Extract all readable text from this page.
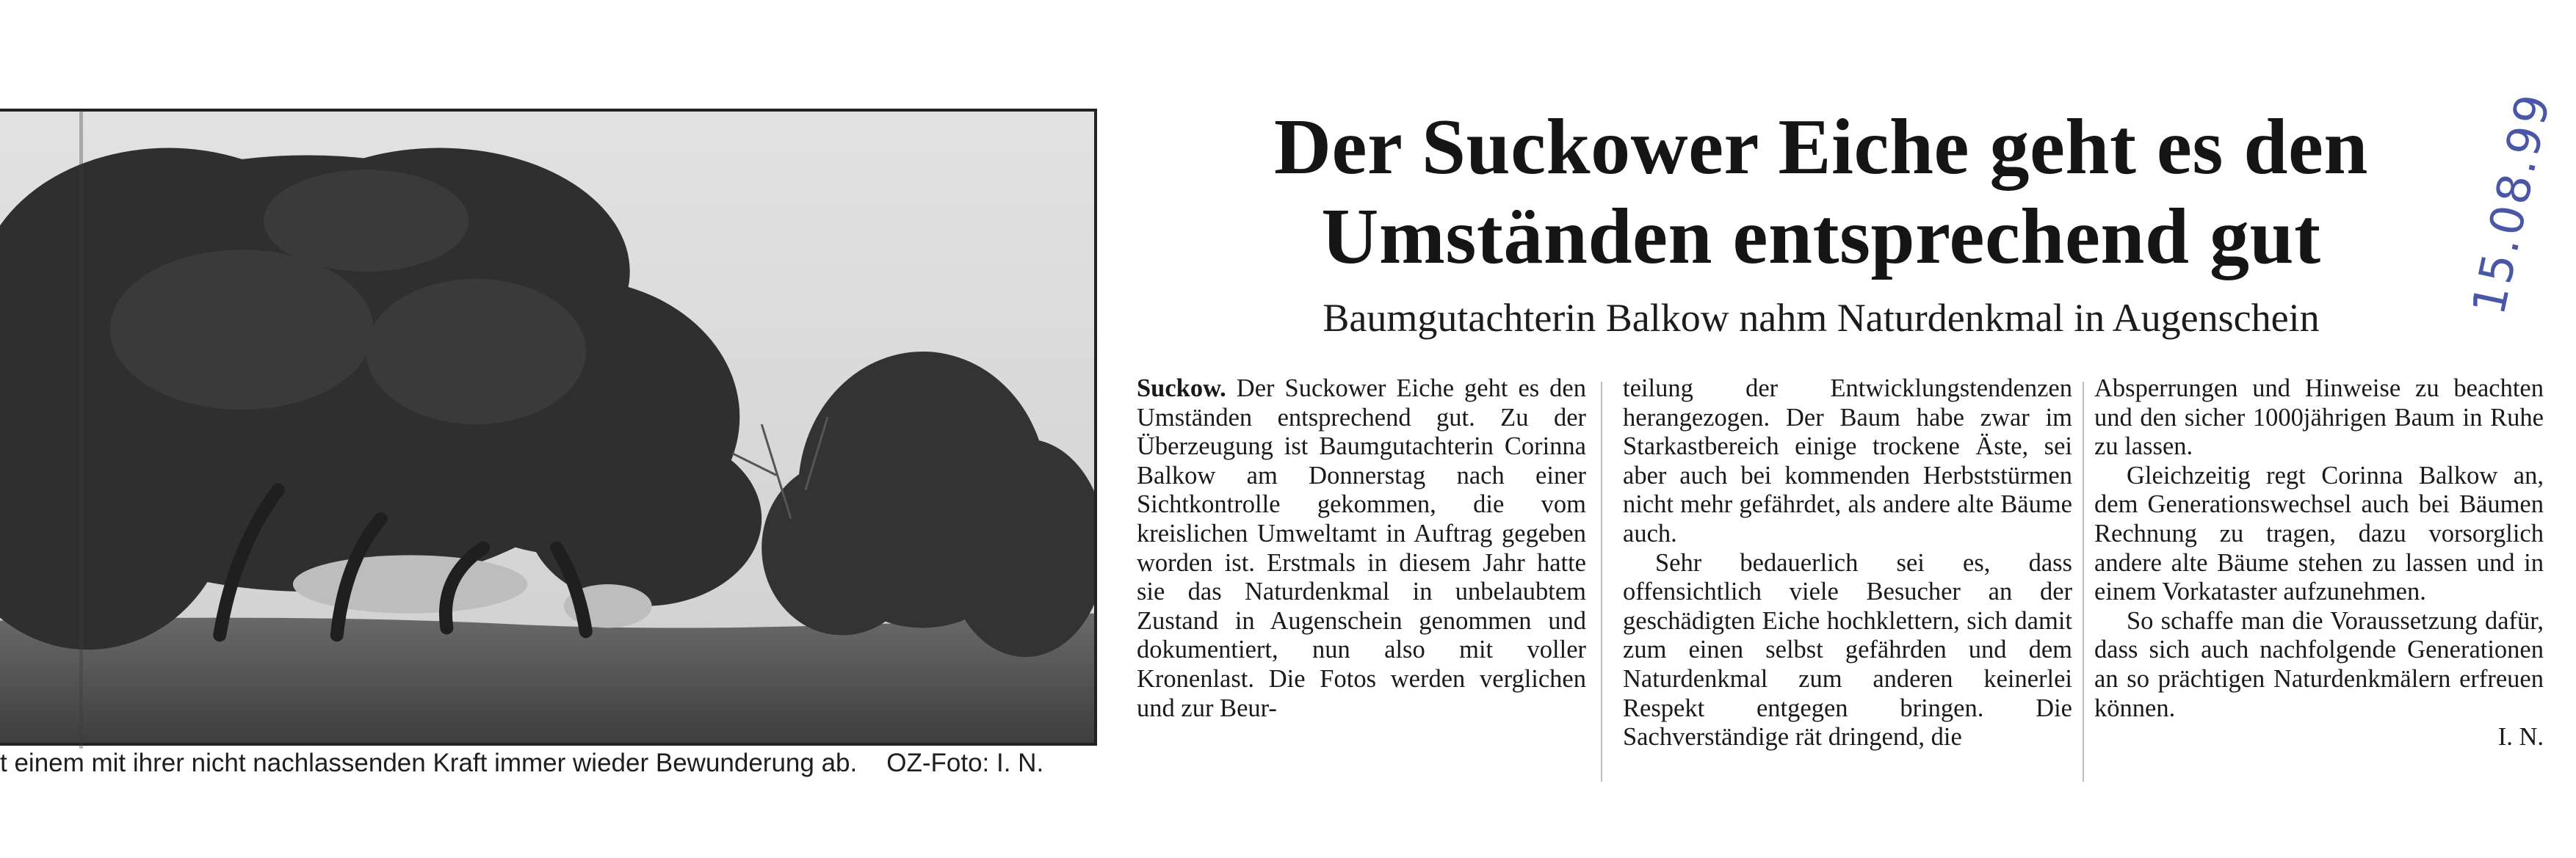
t einem mit ihrer nicht nachlassenden Kraft immer wieder Bewunderung ab. OZ-Foto: I. N.
Der Suckower Eiche geht es den
Umständen entsprechend gut
Baumgutachterin Balkow nahm Naturdenkmal in Augenschein	15.08.99

Suckow. Der Suckower Eiche geht es den Umständen entsprechend gut. Zu der Überzeugung ist Baumgutachterin Corinna Balkow am Donnerstag nach einer Sichtkontrolle gekommen, die vom kreislichen Umweltamt in Auftrag gegeben worden ist. Erstmals in diesem Jahr hatte sie das Naturdenkmal in unbelaubtem Zustand in Augenschein genommen und dokumentiert, nun also mit voller Kronenlast. Die Fotos werden verglichen und zur Beur-

teilung der Entwicklungstendenzen herangezogen. Der Baum habe zwar im Starkastbereich einige trockene Äste, sei aber auch bei kommenden Herbststürmen nicht mehr gefährdet, als andere alte Bäume auch.

Sehr bedauerlich sei es, dass offensichtlich viele Besucher an der geschädigten Eiche hochklettern, sich damit zum einen selbst gefährden und dem Naturdenkmal zum anderen keinerlei Respekt entgegen bringen. Die Sachverständige rät dringend, die

Absperrungen und Hinweise zu beachten und den sicher 1000jährigen Baum in Ruhe zu lassen.

Gleichzeitig regt Corinna Balkow an, dem Generationswechsel auch bei Bäumen Rechnung zu tragen, dazu vorsorglich andere alte Bäume stehen zu lassen und in einem Vorkataster aufzunehmen.

So schaffe man die Voraussetzung dafür, dass sich auch nachfolgende Generationen an so prächtigen Naturdenkmälern erfreuen können.

I. N.
